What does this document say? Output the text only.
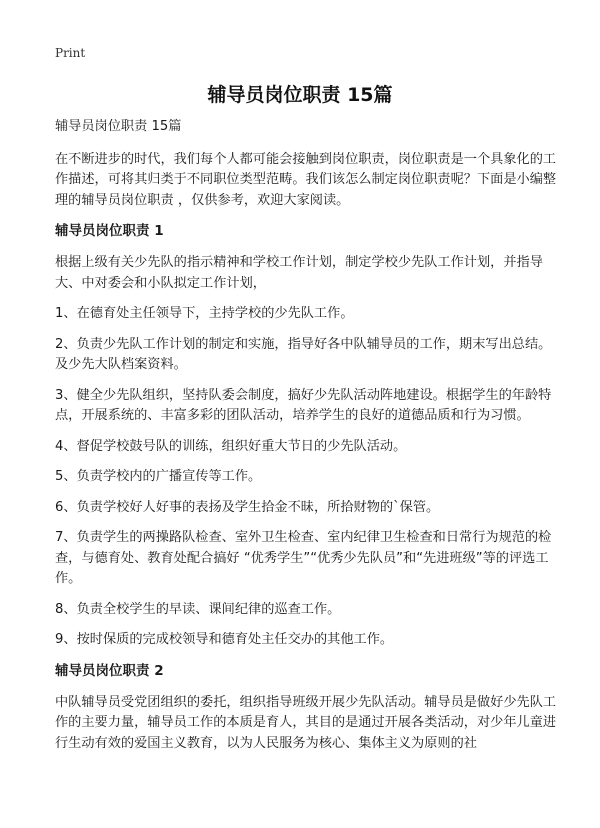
Print
辅导员岗位职责 15篇

辅导员岗位职责 15篇

在不断进步的时代，我们每个人都可能会接触到岗位职责，岗位职责是一个具象化的工作描述，可将其归类于不同职位类型范畴。我们该怎么制定岗位职责呢？下面是小编整理的辅导员岗位职责 ，仅供参考，欢迎大家阅读。

辅导员岗位职责 1

根据上级有关少先队的指示精神和学校工作计划，制定学校少先队工作计划，并指导大、中对委会和小队拟定工作计划，

1、在德育处主任领导下，主持学校的少先队工作。

2、负责少先队工作计划的制定和实施，指导好各中队辅导员的工作，期末写出总结。及少先大队档案资料。

3、健全少先队组织，坚持队委会制度，搞好少先队活动阵地建设。根据学生的年龄特点，开展系统的、丰富多彩的团队活动，培养学生的良好的道德品质和行为习惯。

4、督促学校鼓号队的训练，组织好重大节日的少先队活动。

5、负责学校内的广播宣传等工作。

6、负责学校好人好事的表扬及学生拾金不昧，所拾财物的`保管。

7、负责学生的两操路队检查、室外卫生检查、室内纪律卫生检查和日常行为规范的检查，与德育处、教育处配合搞好 “优秀学生”“优秀少先队员”和“先进班级”等的评选工作。

8、负责全校学生的早读、课间纪律的巡查工作。

9、按时保质的完成校领导和德育处主任交办的其他工作。

辅导员岗位职责 2

中队辅导员受党团组织的委托，组织指导班级开展少先队活动。辅导员是做好少先队工作的主要力量，辅导员工作的本质是育人，其目的是通过开展各类活动，对少年儿童进行生动有效的爱国主义教育，以为人民服务为核心、集体主义为原则的社
